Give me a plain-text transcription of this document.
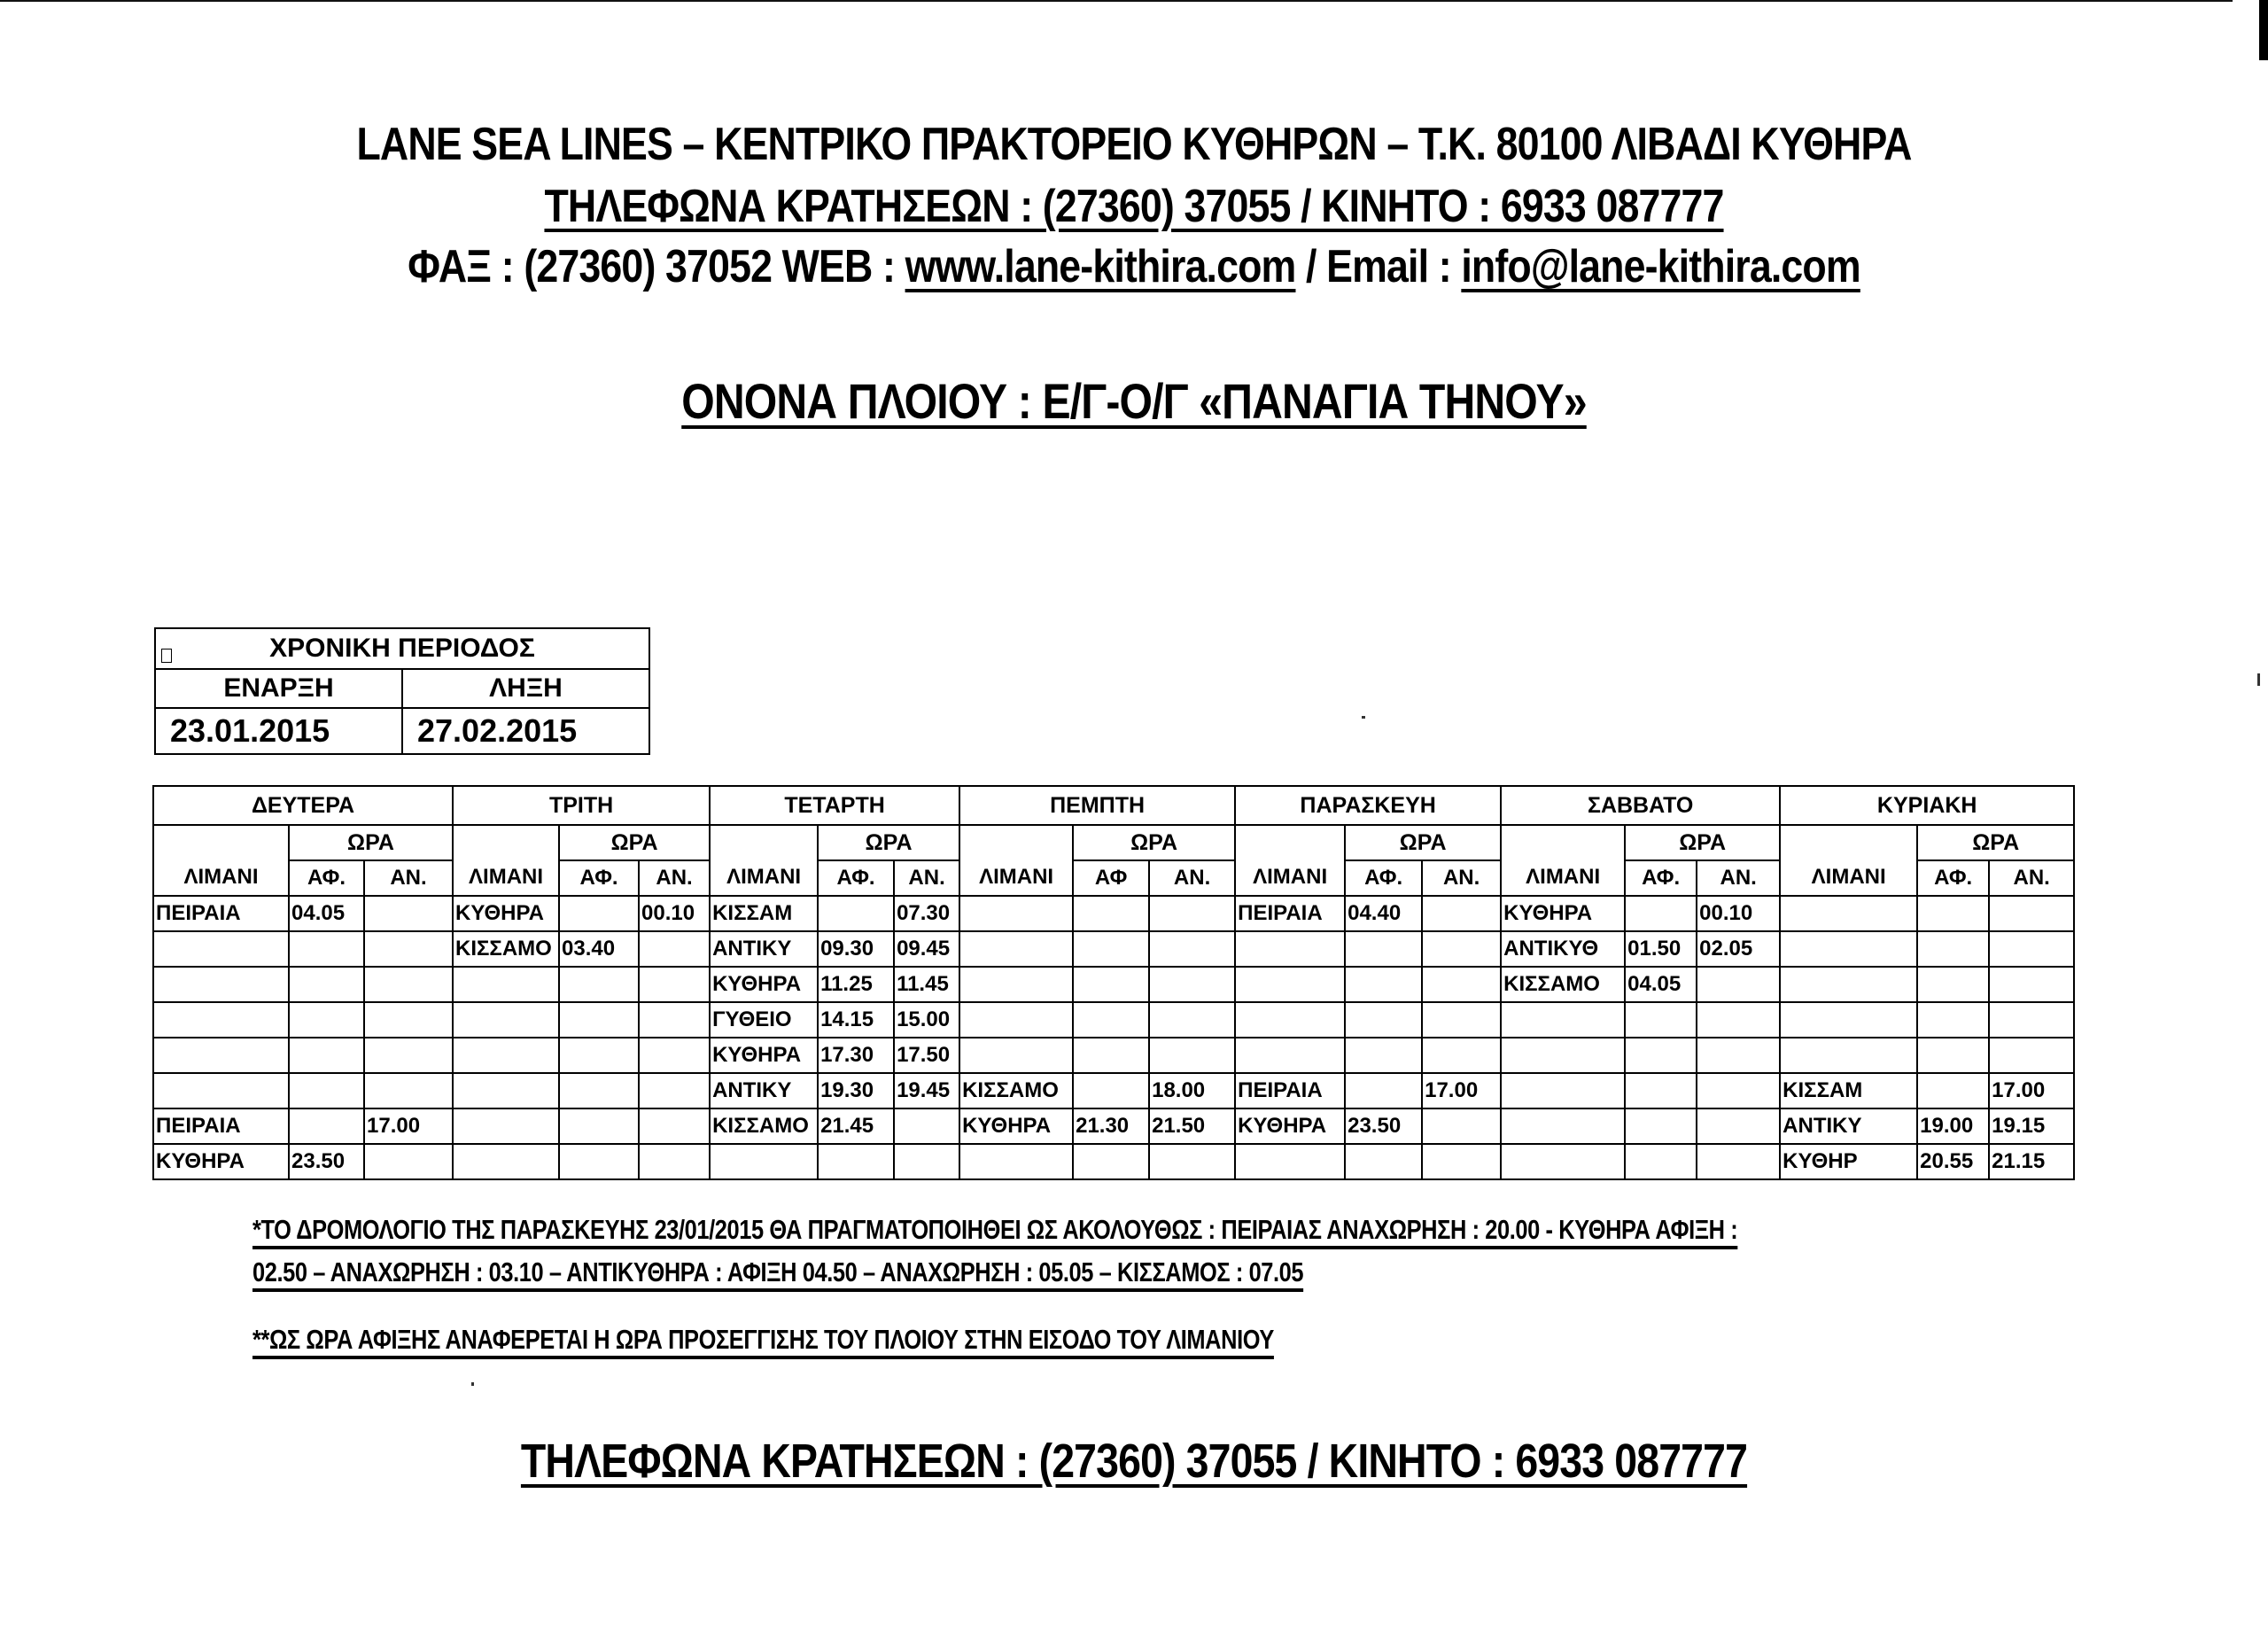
LANE SEA LINES – ΚΕΝΤΡΙΚΟ ΠΡΑΚΤΟΡΕΙΟ ΚΥΘΗΡΩΝ – Τ.Κ. 80100 ΛΙΒΑΔΙ ΚΥΘΗΡΑ
ΤΗΛΕΦΩΝΑ ΚΡΑΤΗΣΕΩΝ : (27360) 37055 / ΚΙΝΗΤΟ : 6933 087777
ΦΑΞ : (27360) 37052 WEB : www.lane-kithira.com / Email : info@lane-kithira.com
ΟΝΟΝΑ ΠΛΟΙΟΥ : Ε/Γ-Ο/Γ «ΠΑΝΑΓΙΑ ΤΗΝΟΥ»
ΧΡΟΝΙΚΗ ΠΕΡΙΟΔΟΣ	
ΕΝΑΡΞΗ	ΛΗΞΗ
23.01.2015	27.02.2015
ΔΕΥΤΕΡΑ			ΤΡΙΤΗ			ΤΕΤΑΡΤΗ			ΠΕΜΠΤΗ			ΠΑΡΑΣΚΕΥΗ			ΣΑΒΒΑΤΟ			ΚΥΡΙΑΚΗ		
ΛΙΜΑΝΙ	ΩΡΑ		ΛΙΜΑΝΙ	ΩΡΑ		ΛΙΜΑΝΙ	ΩΡΑ		ΛΙΜΑΝΙ	ΩΡΑ		ΛΙΜΑΝΙ	ΩΡΑ		ΛΙΜΑΝΙ	ΩΡΑ		ΛΙΜΑΝΙ	ΩΡΑ	
	ΑΦ.	ΑΝ.		ΑΦ.	ΑΝ.		ΑΦ.	ΑΝ.		ΑΦ	ΑΝ.		ΑΦ.	ΑΝ.		ΑΦ.	ΑΝ.		ΑΦ.	ΑΝ.
ΠΕΙΡΑΙΑ	04.05		ΚΥΘΗΡΑ		00.10	ΚΙΣΣΑΜ		07.30				ΠΕΙΡΑΙΑ	04.40		ΚΥΘΗΡΑ		00.10			
			ΚΙΣΣΑΜΟ	03.40		ΑΝΤΙΚΥ	09.30	09.45							ΑΝΤΙΚΥΘ	01.50	02.05			
						ΚΥΘΗΡΑ	11.25	11.45							ΚΙΣΣΑΜΟ	04.05				
						ΓΥΘΕΙΟ	14.15	15.00												
						ΚΥΘΗΡΑ	17.30	17.50												
						ΑΝΤΙΚΥ	19.30	19.45	ΚΙΣΣΑΜΟ		18.00	ΠΕΙΡΑΙΑ		17.00				ΚΙΣΣΑΜ		17.00
ΠΕΙΡΑΙΑ		17.00				ΚΙΣΣΑΜΟ	21.45		ΚΥΘΗΡΑ	21.30	21.50	ΚΥΘΗΡΑ	23.50					ΑΝΤΙΚΥ	19.00	19.15
ΚΥΘΗΡΑ	23.50																	ΚΥΘΗΡ	20.55	21.15
*ΤΟ ΔΡΟΜΟΛΟΓΙΟ ΤΗΣ ΠΑΡΑΣΚΕΥΗΣ 23/01/2015 ΘΑ ΠΡΑΓΜΑΤΟΠΟΙΗΘΕΙ ΩΣ ΑΚΟΛΟΥΘΩΣ : ΠΕΙΡΑΙΑΣ ΑΝΑΧΩΡΗΣΗ : 20.00 - ΚΥΘΗΡΑ ΑΦΙΞΗ :
02.50 – ΑΝΑΧΩΡΗΣΗ : 03.10 – ΑΝΤΙΚΥΘΗΡΑ : ΑΦΙΞΗ 04.50 – ΑΝΑΧΩΡΗΣΗ : 05.05 – ΚΙΣΣΑΜΟΣ : 07.05
**ΩΣ ΩΡΑ ΑΦΙΞΗΣ ΑΝΑΦΕΡΕΤΑΙ Η ΩΡΑ ΠΡΟΣΕΓΓΙΣΗΣ ΤΟΥ ΠΛΟΙΟΥ ΣΤΗΝ ΕΙΣΟΔΟ ΤΟΥ ΛΙΜΑΝΙΟΥ
ΤΗΛΕΦΩΝΑ ΚΡΑΤΗΣΕΩΝ : (27360) 37055 / ΚΙΝΗΤΟ : 6933 087777
